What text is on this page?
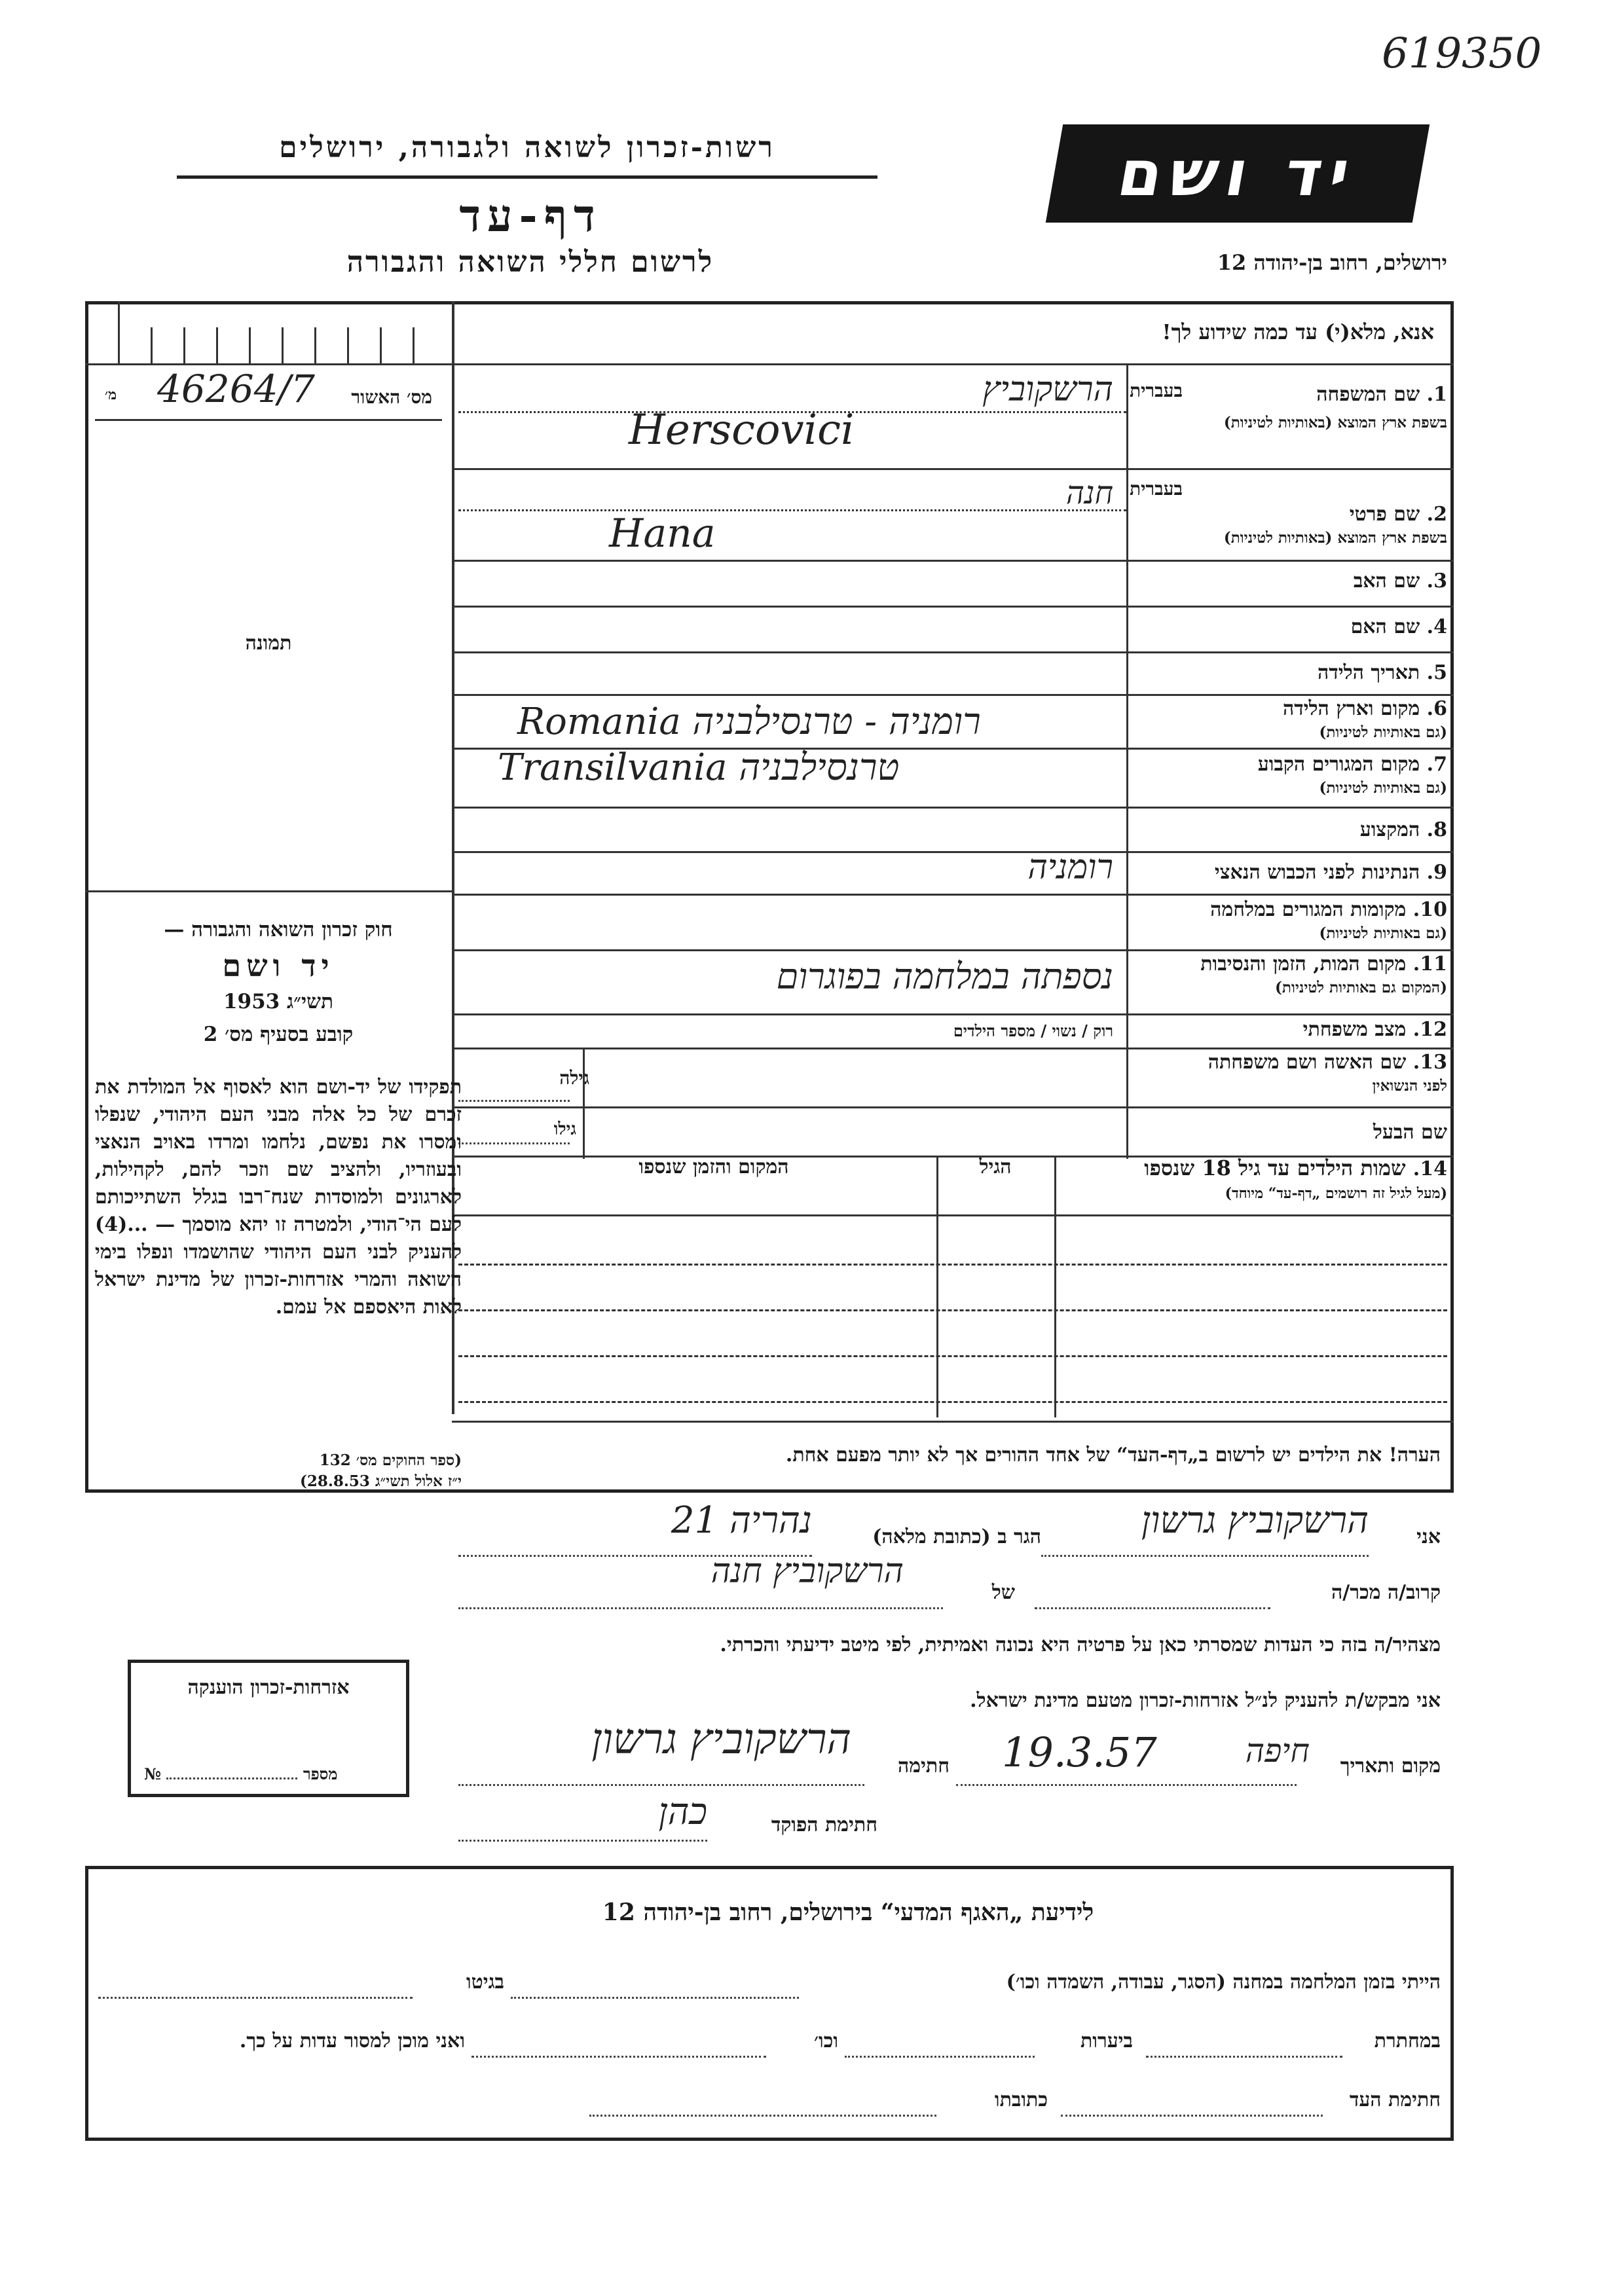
619350
רשות-זכרון לשואה ולגבורה, ירושלים
דף-עד
לרשום חללי השואה והגבורה
יד ושם
ירושלים, רחוב בן-יהודה 12
אנא, מלא(י) עד כמה שידוע לך!
מס׳ האשור
46264/7
מ׳
תמונה
1. שם המשפחה
בשפת ארץ המוצא (באותיות לטיניות)
בעברית
הרשקוביץ
Herscovici
2. שם פרטי
בשפת ארץ המוצא (באותיות לטיניות)
בעברית
חנה
Hana
3. שם האב
4. שם האם
5. תאריך הלידה
6. מקום וארץ הלידה
(גם באותיות לטיניות)
Romania רומניה - טרנסילבניה
7. מקום המגורים הקבוע
(גם באותיות לטיניות)
Transilvania טרנסילבניה
8. המקצוע
9. הנתינות לפני הכבוש הנאצי
רומניה
10. מקומות המגורים במלחמה
(גם באותיות לטיניות)
11. מקום המות, הזמן והנסיבות
(המקום גם באותיות לטיניות)
נספתה במלחמה בפוגרום
12. מצב משפחתי
רוק / נשוי / מספר הילדים
13. שם האשה ושם משפחתה
לפני הנשואין
גילה
שם הבעל
גילו
14. שמות הילדים עד גיל 18 שנספו
(מעל לגיל זה רושמים „דף-עד“ מיוחד)
הגיל
המקום והזמן שנספו
הערה! את הילדים יש לרשום ב„דף-העד“ של אחד ההורים אך לא יותר מפעם אחת.
חוק זכרון השואה והגבורה —
יד ושם
תשי״ג 1953
קובע בסעיף מס׳ 2
תפקידו של יד-ושם הוא לאסוף אל המולדת את זכרם של כל אלה מבני העם היהודי, שנפלו ומסרו את נפשם, נלחמו ומרדו באויב הנאצי ובעוזריו, ולהציב שם וזכר להם, לקהילות, לארגונים ולמוסדות שנח־רבו בגלל השתייכותם לעם הי־הודי, ולמטרה זו יהא מוסמך — ...(4) להעניק לבני העם היהודי שהושמדו ונפלו בימי השואה והמרי אזרחות-זכרון של מדינת ישראל לאות היאספם אל עמם.
(ספר החוקים מס׳ 132
י״ז אלול תשי״ג 28.8.53)
אני
הרשקוביץ גרשון
הגר ב (כתובת מלאה)
נהריה 21
קרוב/ה מכר/ה
של
הרשקוביץ חנה
מצהיר/ה בזה כי העדות שמסרתי כאן על פרטיה היא נכונה ואמיתית, לפי מיטב ידיעתי והכרתי.
אני מבקש/ת להעניק לנ״ל אזרחות-זכרון מטעם מדינת ישראל.
מקום ותאריך
חיפה
19.3.57
חתימה
הרשקוביץ גרשון
חתימת הפוקד
כהן
אזרחות-זכרון הוענקה
№	מספר
לידיעת „האגף המדעי“ בירושלים, רחוב בן-יהודה 12
הייתי בזמן המלחמה במחנה (הסגר, עבודה, השמדה וכו׳)
בגיטו
במחתרת
ביערות
וכו׳
ואני מוכן למסור עדות על כך.
חתימת העד
כתובתו
